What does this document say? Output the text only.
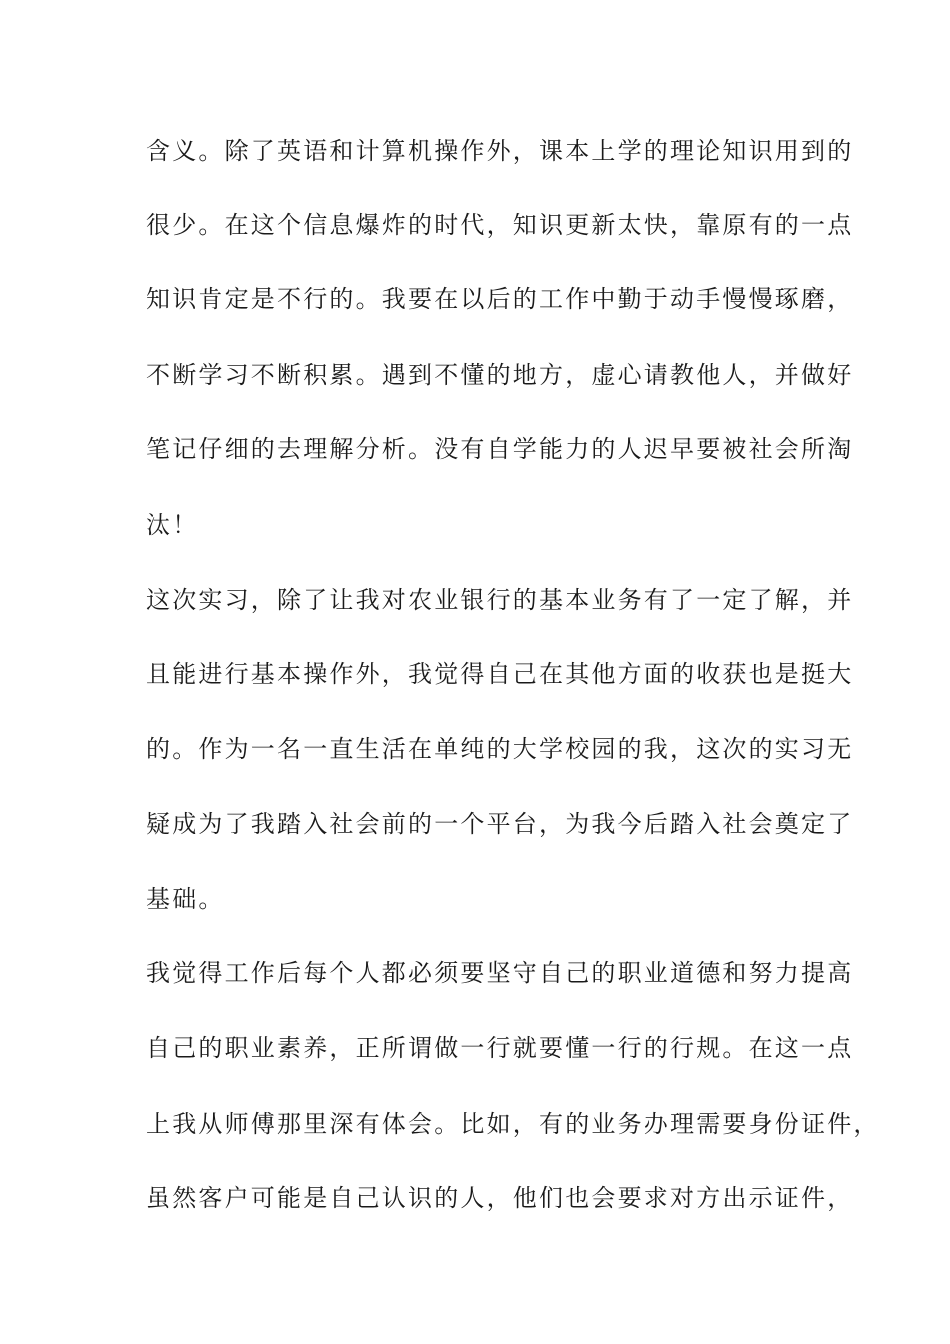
含义。除了英语和计算机操作外，课本上学的理论知识用到的
很少。在这个信息爆炸的时代，知识更新太快，靠原有的一点
知识肯定是不行的。我要在以后的工作中勤于动手慢慢琢磨，
不断学习不断积累。遇到不懂的地方，虚心请教他人，并做好
笔记仔细的去理解分析。没有自学能力的人迟早要被社会所淘
汰！
这次实习，除了让我对农业银行的基本业务有了一定了解，并
且能进行基本操作外，我觉得自己在其他方面的收获也是挺大
的。作为一名一直生活在单纯的大学校园的我，这次的实习无
疑成为了我踏入社会前的一个平台，为我今后踏入社会奠定了
基础。
我觉得工作后每个人都必须要坚守自己的职业道德和努力提高
自己的职业素养，正所谓做一行就要懂一行的行规。在这一点
上我从师傅那里深有体会。比如，有的业务办理需要身份证件，
虽然客户可能是自己认识的人，他们也会要求对方出示证件，
